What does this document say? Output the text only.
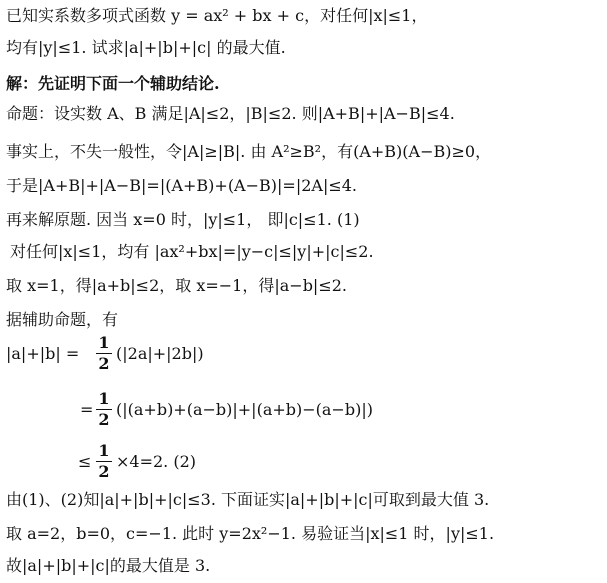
已知实系数多项式函数 y = ax² + bx + c，对任何|x|≤1，
均有|y|≤1. 试求|a|+|b|+|c| 的最大值.
解：先证明下面一个辅助结论.
命题：设实数 A、B 满足|A|≤2，|B|≤2. 则|A+B|+|A−B|≤4.
事实上，不失一般性，令|A|≥|B|. 由 A²≥B²，有(A+B)(A−B)≥0，
于是|A+B|+|A−B|=|(A+B)+(A−B)|=|2A|≤4.
再来解原题. 因当 x=0 时，|y|≤1， 即|c|≤1. (1)
对任何|x|≤1，均有 |ax²+bx|=|y−c|≤|y|+|c|≤2.
取 x=1，得|a+b|≤2，取 x=−1，得|a−b|≤2.
据辅助命题，有
|a|+|b| =
1
2
(|2a|+|2b|)
=
1
2
(|(a+b)+(a−b)|+|(a+b)−(a−b)|)
≤
1
2
×4=2. (2)
由(1)、(2)知|a|+|b|+|c|≤3. 下面证实|a|+|b|+|c|可取到最大值 3.
取 a=2，b=0，c=−1. 此时 y=2x²−1. 易验证当|x|≤1 时，|y|≤1.
故|a|+|b|+|c|的最大值是 3.
